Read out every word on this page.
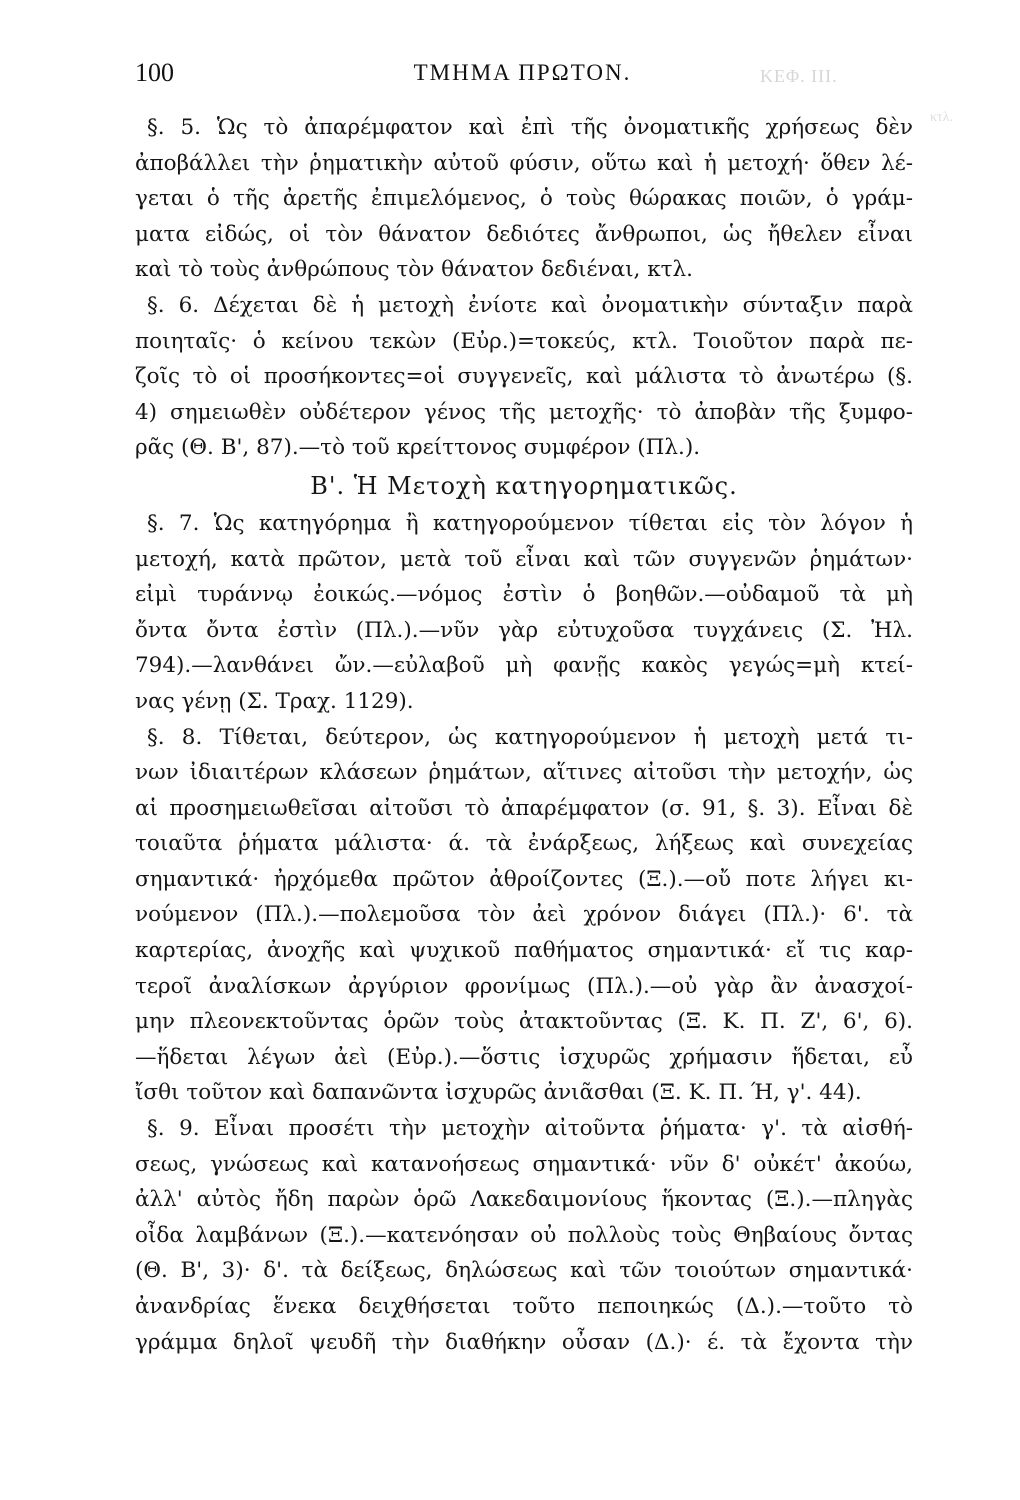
ΚΕΦ. ΙΙΙ.
κτλ.
100	ΤΜΗΜΑ ΠΡΩΤΟΝ.
§. 5. Ὡς τὸ ἀπαρέμφατον καὶ ἐπὶ τῆς ὀνοματικῆς χρήσεως δὲν
ἀποβάλλει τὴν ῥηματικὴν αὐτοῦ φύσιν, οὕτω καὶ ἡ μετοχή· ὅθεν λέ-
γεται ὁ τῆς ἀρετῆς ἐπιμελόμενος, ὁ τοὺς θώρακας ποιῶν, ὁ γράμ-
ματα εἰδώς, οἱ τὸν θάνατον δεδιότες ἄνθρωποι, ὡς ἤθελεν εἶναι
καὶ τὸ τοὺς ἀνθρώπους τὸν θάνατον δεδιέναι, κτλ.
§. 6. Δέχεται δὲ ἡ μετοχὴ ἐνίοτε καὶ ὀνοματικὴν σύνταξιν παρὰ
ποιηταῖς· ὁ κείνου τεκὼν (Εὐρ.)=τοκεύς, κτλ. Τοιοῦτον παρὰ πε-
ζοῖς τὸ οἱ προσήκοντες=οἱ συγγενεῖς, καὶ μάλιστα τὸ ἀνωτέρω (§.
4) σημειωθὲν οὐδέτερον γένος τῆς μετοχῆς· τὸ ἀποβὰν τῆς ξυμφο-
ρᾶς (Θ. Β', 87).—τὸ τοῦ κρείττονος συμφέρον (Πλ.).
Β'. Ἡ Μετοχὴ κατηγορηματικῶς.
§. 7. Ὡς κατηγόρημα ἢ κατηγορούμενον τίθεται εἰς τὸν λόγον ἡ
μετοχή, κατὰ πρῶτον, μετὰ τοῦ εἶναι καὶ τῶν συγγενῶν ῥημάτων·
εἰμὶ τυράννῳ ἐοικώς.—νόμος ἐστὶν ὁ βοηθῶν.—οὐδαμοῦ τὰ μὴ
ὄντα ὄντα ἐστὶν (Πλ.).—νῦν γὰρ εὐτυχοῦσα τυγχάνεις (Σ. Ἠλ.
794).—λανθάνει ὤν.—εὐλαβοῦ μὴ φανῇς κακὸς γεγώς=μὴ κτεί-
νας γένῃ (Σ. Τραχ. 1129).
§. 8. Τίθεται, δεύτερον, ὡς κατηγορούμενον ἡ μετοχὴ μετά τι-
νων ἰδιαιτέρων κλάσεων ῥημάτων, αἵτινες αἰτοῦσι τὴν μετοχήν, ὡς
αἱ προσημειωθεῖσαι αἰτοῦσι τὸ ἀπαρέμφατον (σ. 91, §. 3). Εἶναι δὲ
τοιαῦτα ῥήματα μάλιστα· ά. τὰ ἐνάρξεως, λήξεως καὶ συνεχείας
σημαντικά· ἠρχόμεθα πρῶτον ἀθροίζοντες (Ξ.).—οὔ ποτε λήγει κι-
νούμενον (Πλ.).—πολεμοῦσα τὸν ἀεὶ χρόνον διάγει (Πλ.)· 6'. τὰ
καρτερίας, ἀνοχῆς καὶ ψυχικοῦ παθήματος σημαντικά· εἴ τις καρ-
τεροῖ ἀναλίσκων ἀργύριον φρονίμως (Πλ.).—οὐ γὰρ ἂν ἀνασχοί-
μην πλεονεκτοῦντας ὁρῶν τοὺς ἀτακτοῦντας (Ξ. Κ. Π. Ζ', 6', 6).
—ἥδεται λέγων ἀεὶ (Εὐρ.).—ὅστις ἰσχυρῶς χρήμασιν ἥδεται, εὖ
ἴσθι τοῦτον καὶ δαπανῶντα ἰσχυρῶς ἀνιᾶσθαι (Ξ. Κ. Π. Ή, γ'. 44).
§. 9. Εἶναι προσέτι τὴν μετοχὴν αἰτοῦντα ῥήματα· γ'. τὰ αἰσθή-
σεως, γνώσεως καὶ κατανοήσεως σημαντικά· νῦν δ' οὐκέτ' ἀκούω,
ἀλλ' αὐτὸς ἤδη παρὼν ὁρῶ Λακεδαιμονίους ἥκοντας (Ξ.).—πληγὰς
οἶδα λαμβάνων (Ξ.).—κατενόησαν οὐ πολλοὺς τοὺς Θηβαίους ὄντας
(Θ. Β', 3)· δ'. τὰ δείξεως, δηλώσεως καὶ τῶν τοιούτων σημαντικά·
ἀνανδρίας ἕνεκα δειχθήσεται τοῦτο πεποιηκώς (Δ.).—τοῦτο τὸ
γράμμα δηλοῖ ψευδῆ τὴν διαθήκην οὖσαν (Δ.)· έ. τὰ ἔχοντα τὴν
